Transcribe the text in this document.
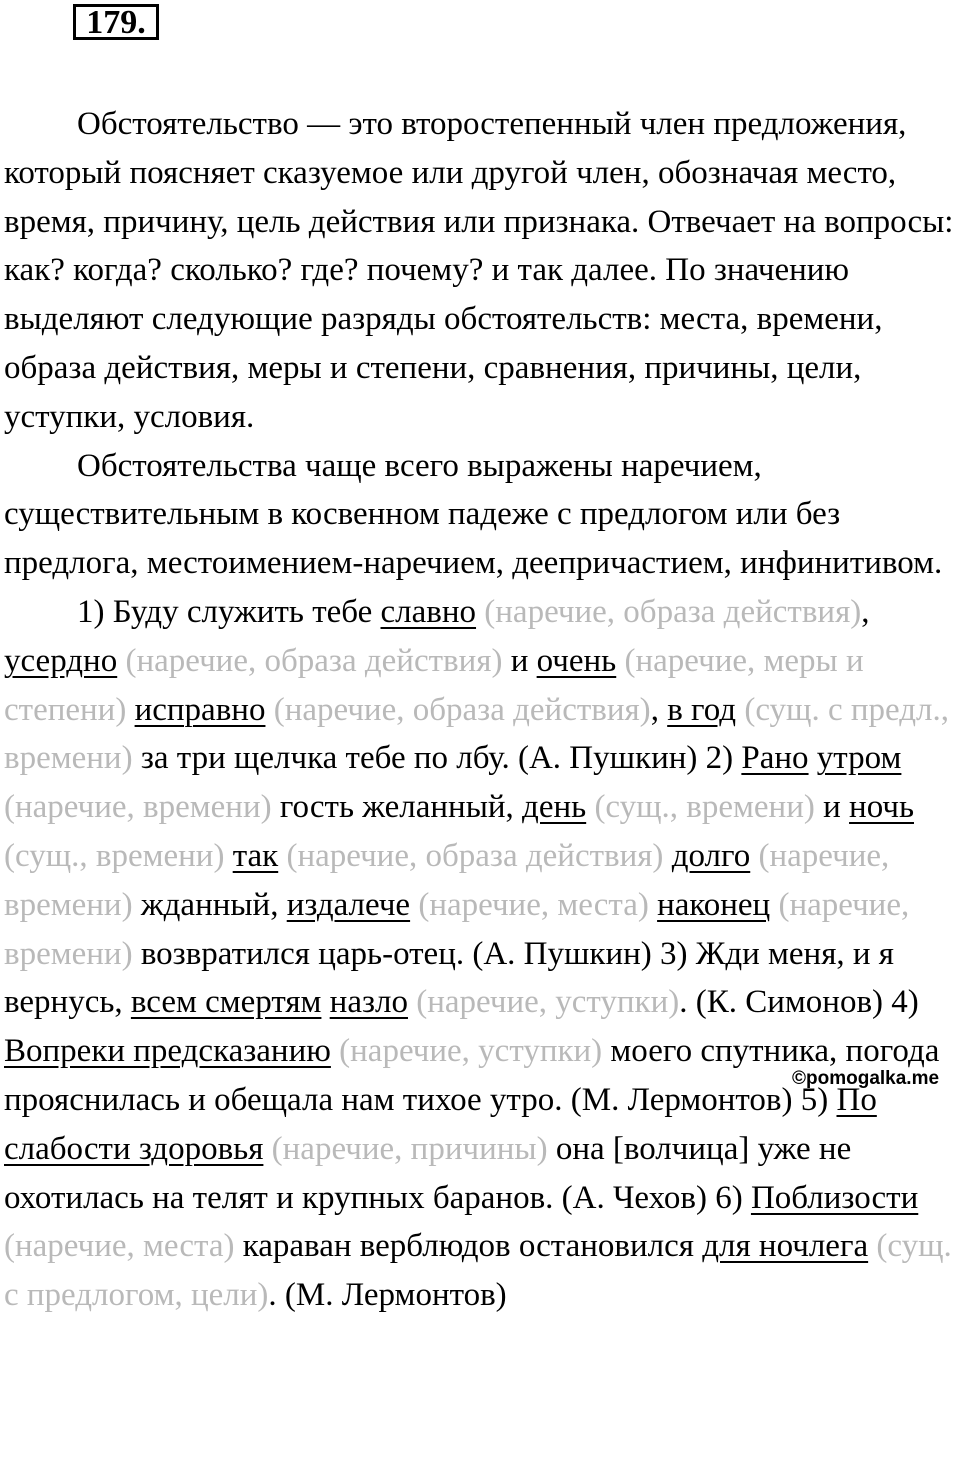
179.

Обстоятельство — это второстепенный член предложения, который поясняет сказуемое или другой член, обозначая место, время, причину, цель действия или признака. Отвечает на вопросы: как? когда? сколько? где? почему? и так далее. По значению выделяют следующие разряды обстоятельств: места, времени, образа действия, меры и степени, сравнения, причины, цели, уступки, условия.

Обстоятельства чаще всего выражены наречием, существительным в косвенном падеже с предлогом или без предлога, местоимением-наречием, деепричастием, инфинитивом.

1) Буду служить тебе славно (наречие, образа действия), усердно (наречие, образа действия) и очень (наречие, меры и степени) исправно (наречие, образа действия), в год (сущ. с предл., времени) за три щелчка тебе по лбу. (А. Пушкин) 2) Рано утром (наречие, времени) гость желанный, день (сущ., времени) и ночь (сущ., времени) так (наречие, образа действия) долго (наречие, времени) жданный, издалече (наречие, места) наконец (наречие, времени) возвратился царь-отец. (А. Пушкин) 3) Жди меня, и я вернусь, всем смертям назло (наречие, уступки). (К. Симонов) 4) Вопреки предсказанию (наречие, уступки) моего спутника, погода прояснилась и обещала нам тихое утро. (М. Лермонтов) 5) По слабости здоровья (наречие, причины) она [волчица] уже не охотилась на телят и крупных баранов. (А. Чехов) 6) Поблизости (наречие, места) караван верблюдов остановился для ночлега (сущ. с предлогом, цели). (М. Лермонтов)

©pomogalka.me
